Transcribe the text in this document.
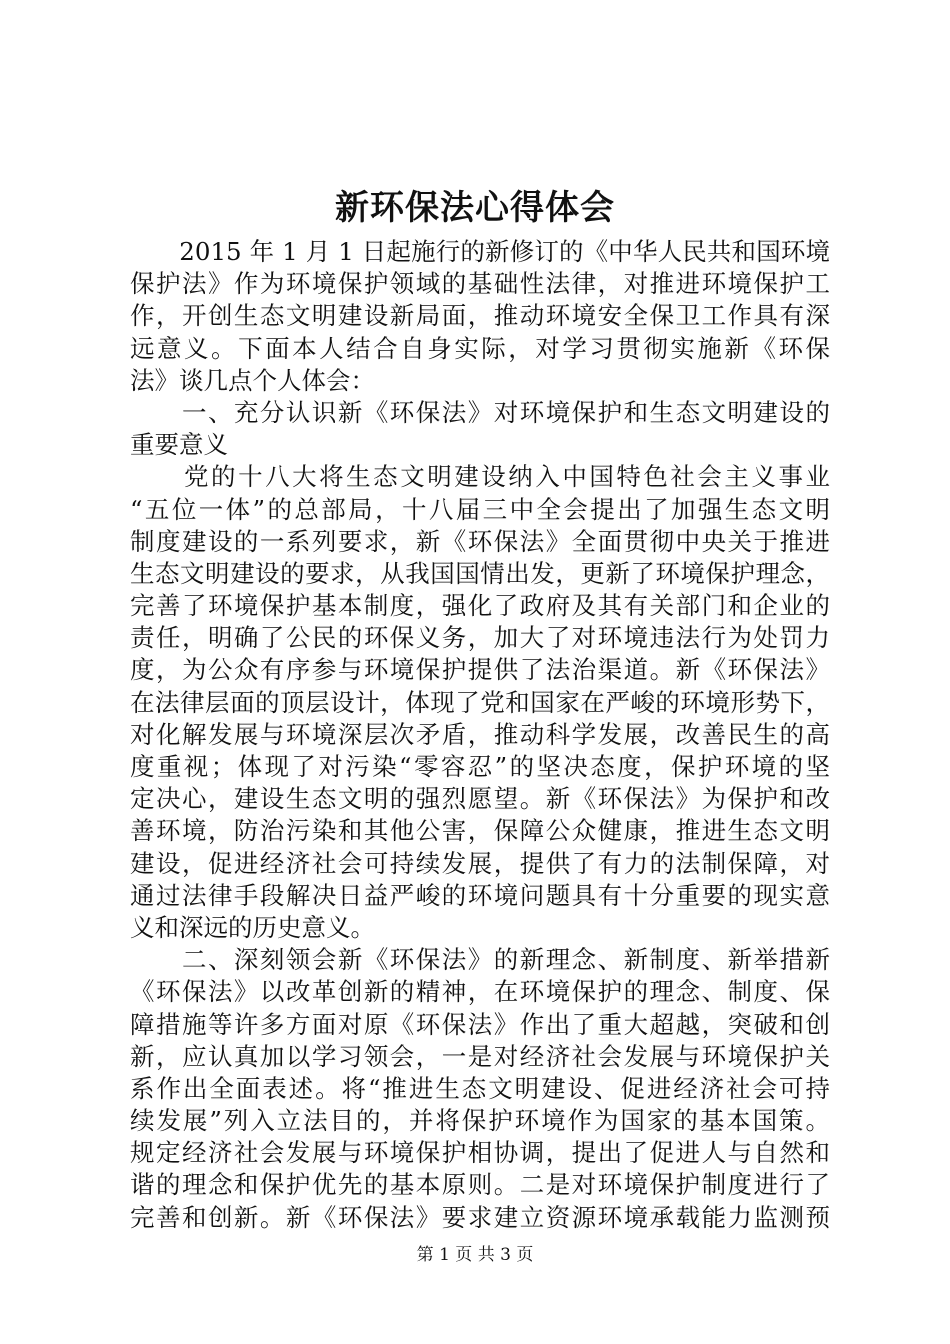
新环保法心得体会
　　2015 年 1 月 1 日起施行的新修订的《中华人民共和国环境
保护法》作为环境保护领域的基础性法律，对推进环境保护工
作，开创生态文明建设新局面，推动环境安全保卫工作具有深
远意义。下面本人结合自身实际，对学习贯彻实施新《环保
法》谈几点个人体会：
　　一、充分认识新《环保法》对环境保护和生态文明建设的
重要意义
　　党的十八大将生态文明建设纳入中国特色社会主义事业
“五位一体”的总部局，十八届三中全会提出了加强生态文明
制度建设的一系列要求，新《环保法》全面贯彻中央关于推进
生态文明建设的要求，从我国国情出发，更新了环境保护理念，
完善了环境保护基本制度，强化了政府及其有关部门和企业的
责任，明确了公民的环保义务，加大了对环境违法行为处罚力
度，为公众有序参与环境保护提供了法治渠道。新《环保法》
在法律层面的顶层设计，体现了党和国家在严峻的环境形势下，
对化解发展与环境深层次矛盾，推动科学发展，改善民生的高
度重视；体现了对污染“零容忍”的坚决态度，保护环境的坚
定决心，建设生态文明的强烈愿望。新《环保法》为保护和改
善环境，防治污染和其他公害，保障公众健康，推进生态文明
建设，促进经济社会可持续发展，提供了有力的法制保障，对
通过法律手段解决日益严峻的环境问题具有十分重要的现实意
义和深远的历史意义。
　　二、深刻领会新《环保法》的新理念、新制度、新举措新
《环保法》以改革创新的精神，在环境保护的理念、制度、保
障措施等许多方面对原《环保法》作出了重大超越，突破和创
新，应认真加以学习领会，一是对经济社会发展与环境保护关
系作出全面表述。将“推进生态文明建设、促进经济社会可持
续发展”列入立法目的，并将保护环境作为国家的基本国策。
规定经济社会发展与环境保护相协调，提出了促进人与自然和
谐的理念和保护优先的基本原则。二是对环境保护制度进行了
完善和创新。新《环保法》要求建立资源环境承载能力监测预
第 1 页 共 3 页
